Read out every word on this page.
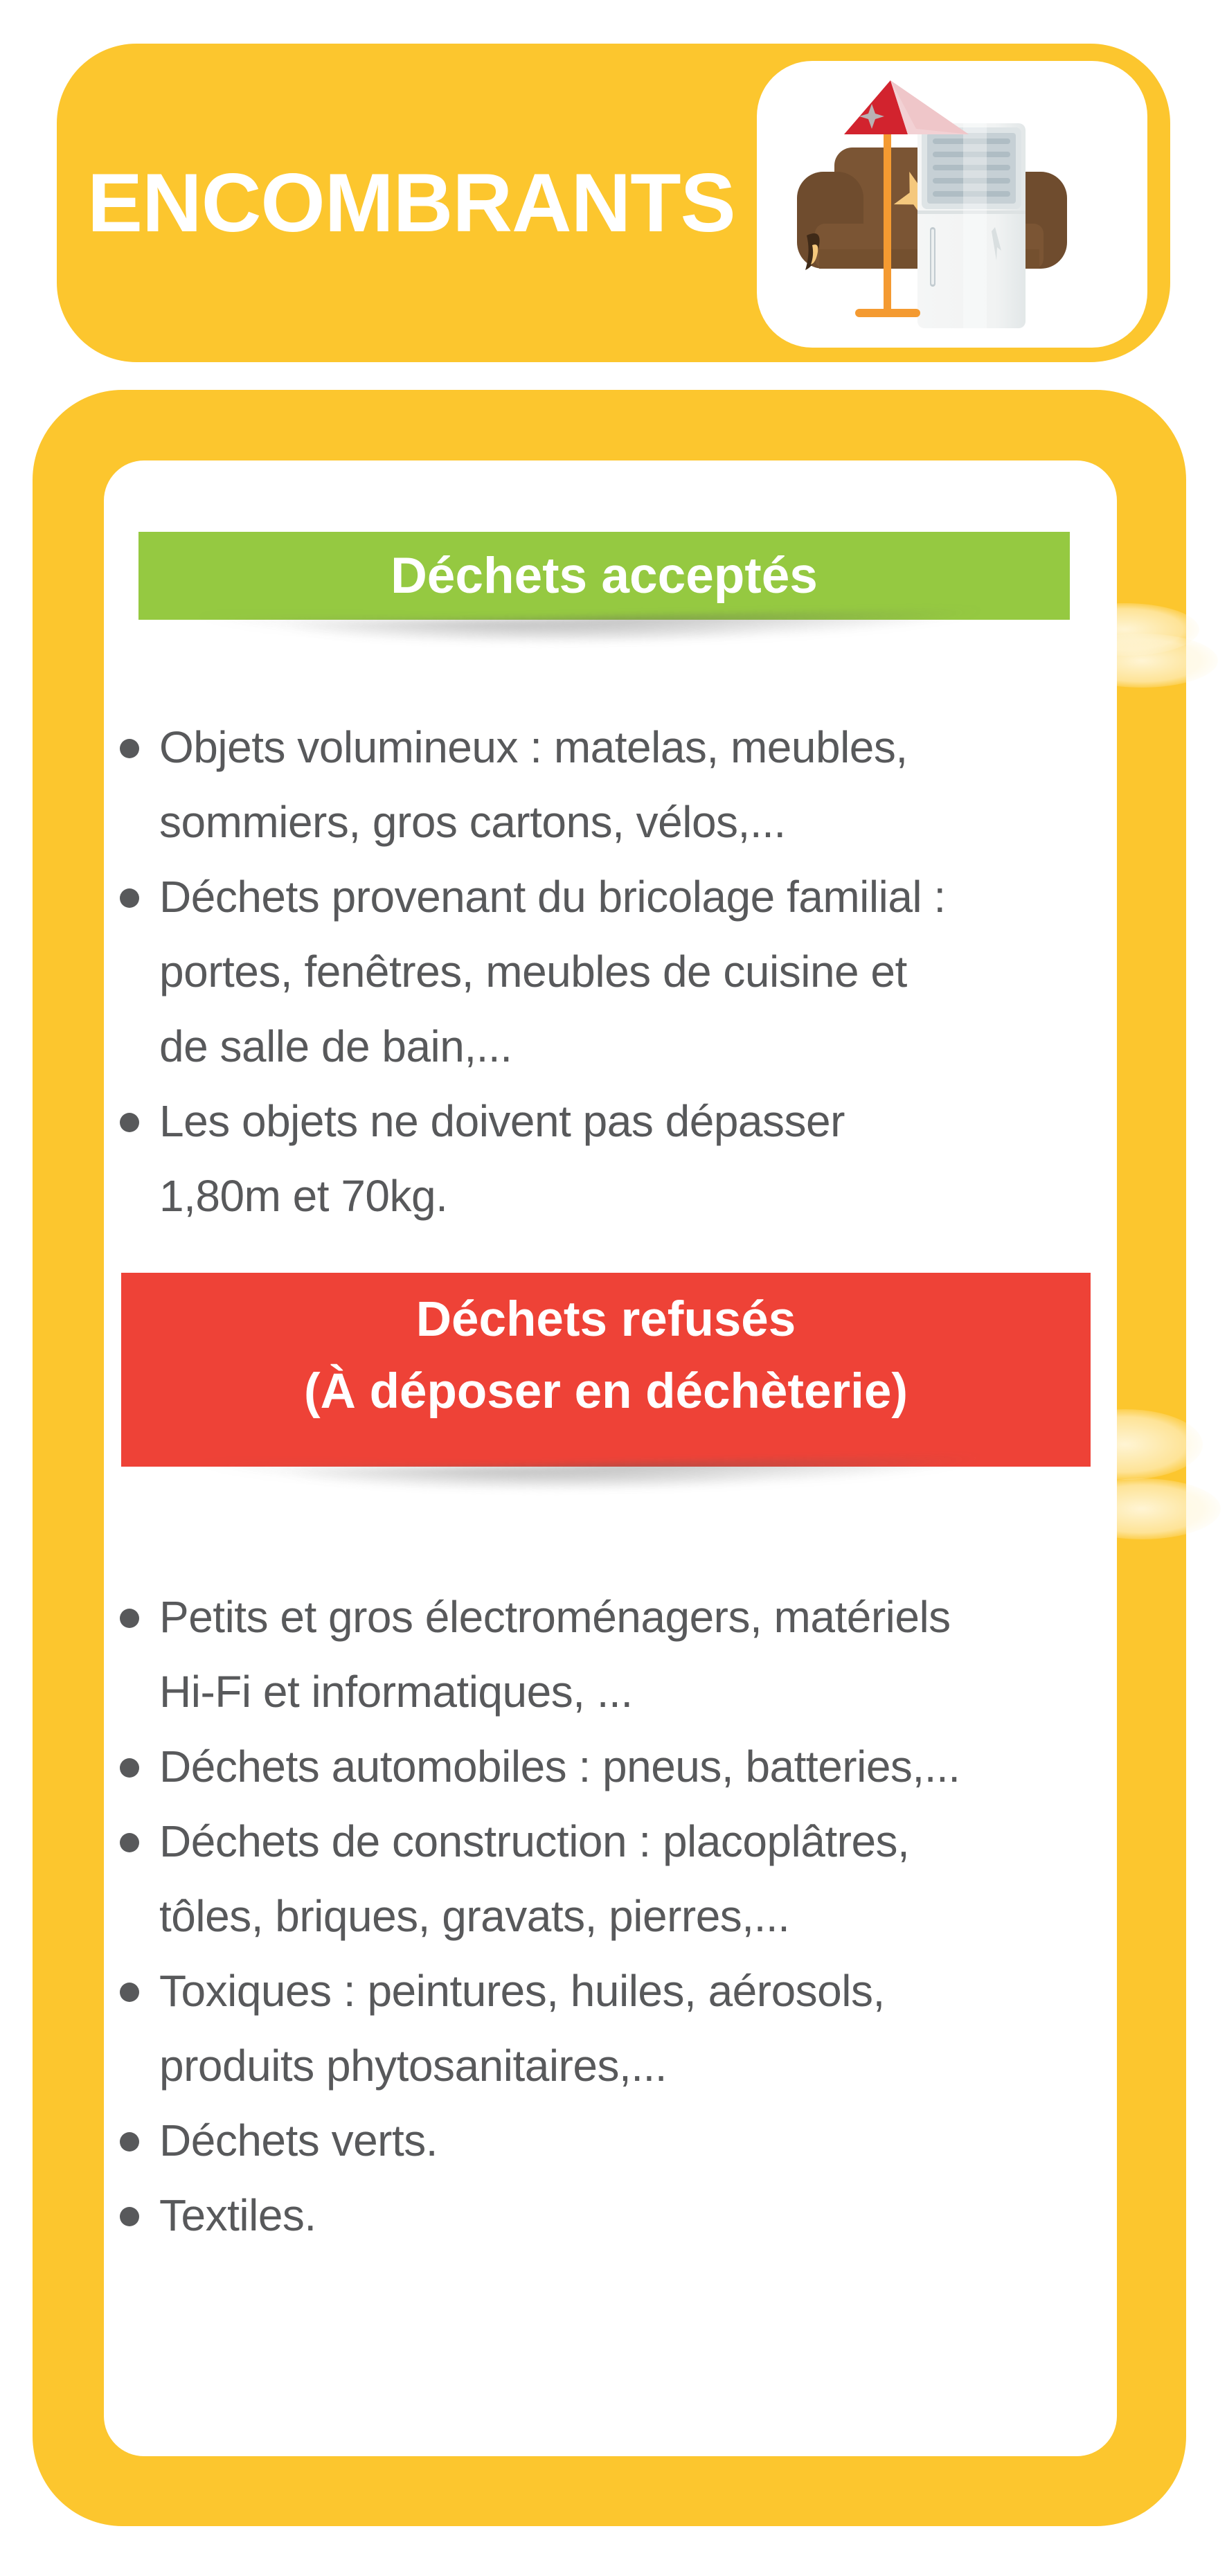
ENCOMBRANTS
Déchets acceptés
Objets volumineux : matelas, meubles,
sommiers, gros cartons, vélos,...
Déchets provenant du bricolage familial :
portes, fenêtres, meubles de cuisine et
de salle de bain,...
Les objets ne doivent pas dépasser
1,80m et 70kg.
Déchets refusés
(À déposer en déchèterie)
Petits et gros électroménagers, matériels
Hi-Fi et informatiques, ...
Déchets automobiles : pneus, batteries,...
Déchets de construction : placoplâtres,
tôles, briques, gravats, pierres,...
Toxiques : peintures, huiles, aérosols,
produits phytosanitaires,...
Déchets verts.
Textiles.
